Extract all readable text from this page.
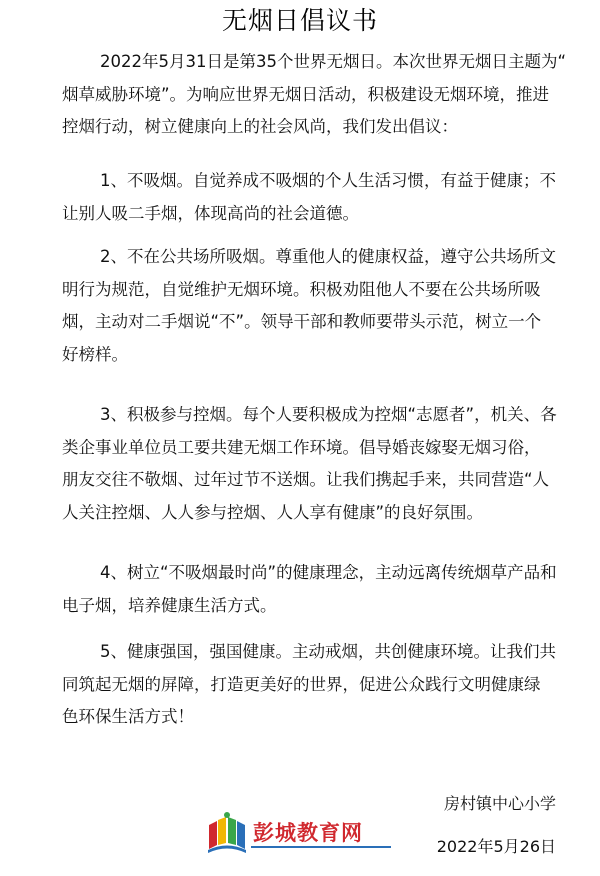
无烟日倡议书
2022年5月31日是第35个世界无烟日。本次世界无烟日主题为“
烟草威胁环境”。为响应世界无烟日活动，积极建设无烟环境，推进
控烟行动，树立健康向上的社会风尚，我们发出倡议：
1、不吸烟。自觉养成不吸烟的个人生活习惯，有益于健康；不
让别人吸二手烟，体现高尚的社会道德。
2、不在公共场所吸烟。尊重他人的健康权益，遵守公共场所文
明行为规范，自觉维护无烟环境。积极劝阻他人不要在公共场所吸
烟，主动对二手烟说“不”。领导干部和教师要带头示范，树立一个
好榜样。
3、积极参与控烟。每个人要积极成为控烟“志愿者”，机关、各
类企事业单位员工要共建无烟工作环境。倡导婚丧嫁娶无烟习俗，
朋友交往不敬烟、过年过节不送烟。让我们携起手来，共同营造“人
人关注控烟、人人参与控烟、人人享有健康”的良好氛围。
4、树立“不吸烟最时尚”的健康理念，主动远离传统烟草产品和
电子烟，培养健康生活方式。
5、健康强国，强国健康。主动戒烟，共创健康环境。让我们共
同筑起无烟的屏障，打造更美好的世界，促进公众践行文明健康绿
色环保生活方式！
房村镇中心小学
彭城教育网
2022年5月26日
